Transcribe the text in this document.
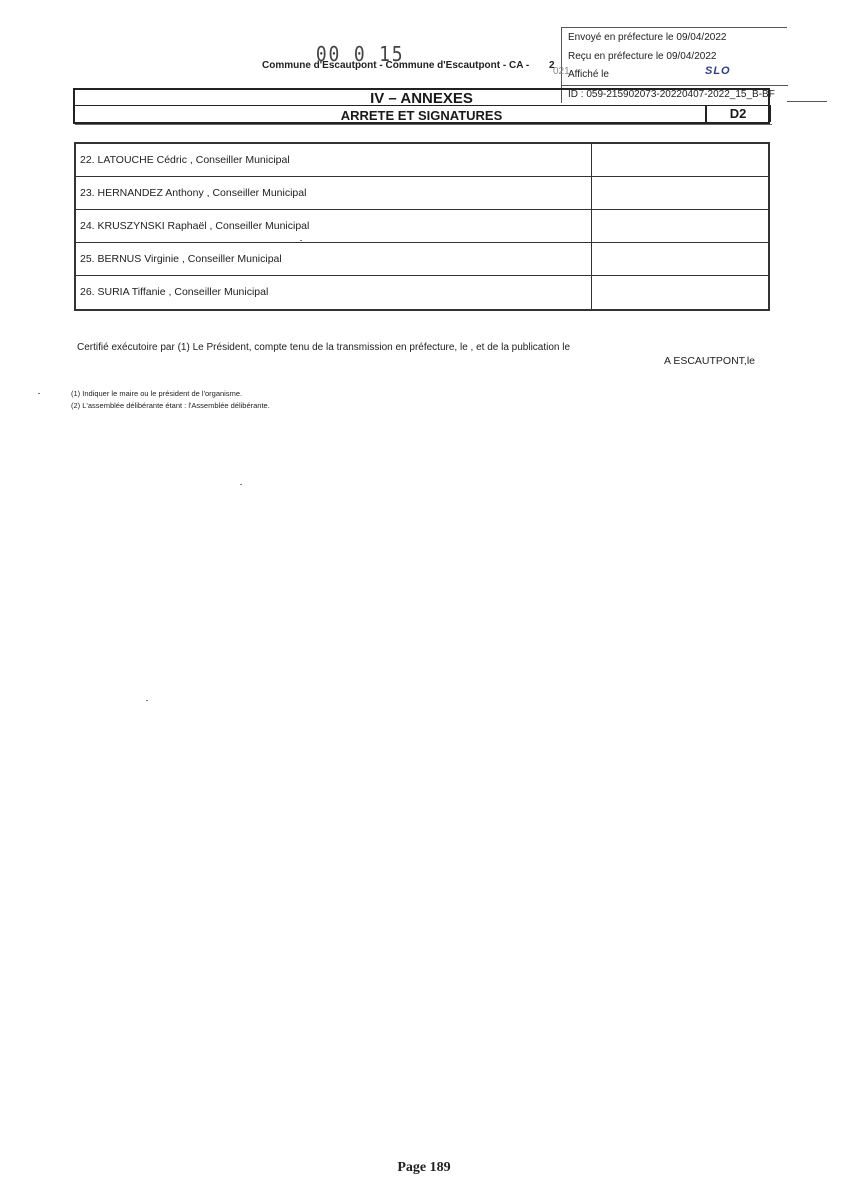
Envoyé en préfecture le 09/04/2022
Reçu en préfecture le 09/04/2022
Affiché le	SLO
ID : 059-215902073-20220407-2022_15_B-BF
00 0 15
Commune d'Escautpont - Commune d'Escautpont - CA - 2
021
IV – ANNEXES
ARRETE ET SIGNATURES	D2
22. LATOUCHE Cédric , Conseiller Municipal
23. HERNANDEZ Anthony , Conseiller Municipal
24. KRUSZYNSKI Raphaël , Conseiller Municipal
25. BERNUS Virginie , Conseiller Municipal
26. SURIA Tiffanie , Conseiller Municipal
Certifié exécutoire par (1) Le Président, compte tenu de la transmission en préfecture, le , et de la publication le
A ESCAUTPONT,le
(1) Indiquer le maire ou le président de l'organisme.
(2) L'assemblée délibérante étant : l'Assemblée délibérante.
Page 189
